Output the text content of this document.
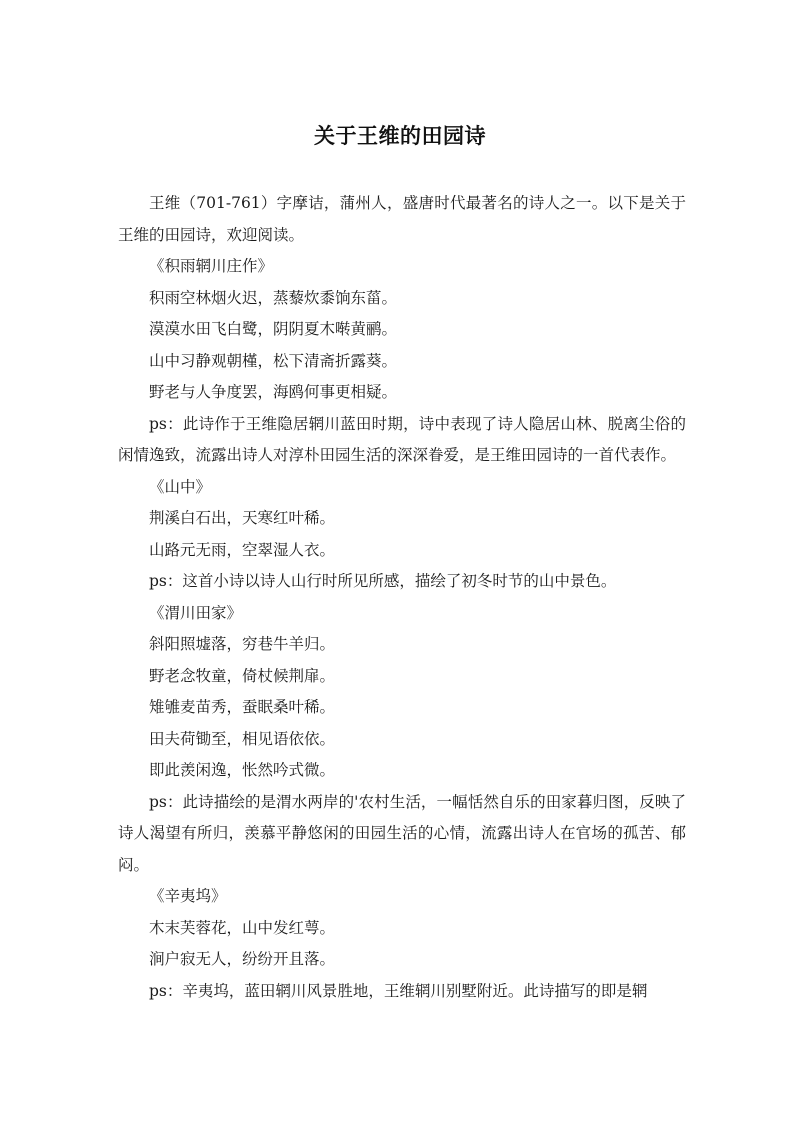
关于王维的田园诗

王维（701-761）字摩诘，蒲州人，盛唐时代最著名的诗人之一。以下是关于王维的田园诗，欢迎阅读。

《积雨辋川庄作》

积雨空林烟火迟，蒸藜炊黍饷东菑。

漠漠水田飞白鹭，阴阴夏木啭黄鹂。

山中习静观朝槿，松下清斋折露葵。

野老与人争度罢，海鸥何事更相疑。

ps：此诗作于王维隐居辋川蓝田时期，诗中表现了诗人隐居山林、脱离尘俗的闲情逸致，流露出诗人对淳朴田园生活的深深眷爱，是王维田园诗的一首代表作。

《山中》

荆溪白石出，天寒红叶稀。

山路元无雨，空翠湿人衣。

ps：这首小诗以诗人山行时所见所感，描绘了初冬时节的山中景色。

《渭川田家》

斜阳照墟落，穷巷牛羊归。

野老念牧童，倚杖候荆扉。

雉雊麦苗秀，蚕眠桑叶稀。

田夫荷锄至，相见语依依。

即此羡闲逸，怅然吟式微。

ps：此诗描绘的是渭水两岸的'农村生活，一幅恬然自乐的田家暮归图，反映了诗人渴望有所归，羡慕平静悠闲的田园生活的心情，流露出诗人在官场的孤苦、郁闷。

《辛夷坞》

木末芙蓉花，山中发红萼。

涧户寂无人，纷纷开且落。

ps：辛夷坞，蓝田辋川风景胜地，王维辋川别墅附近。此诗描写的即是辋
